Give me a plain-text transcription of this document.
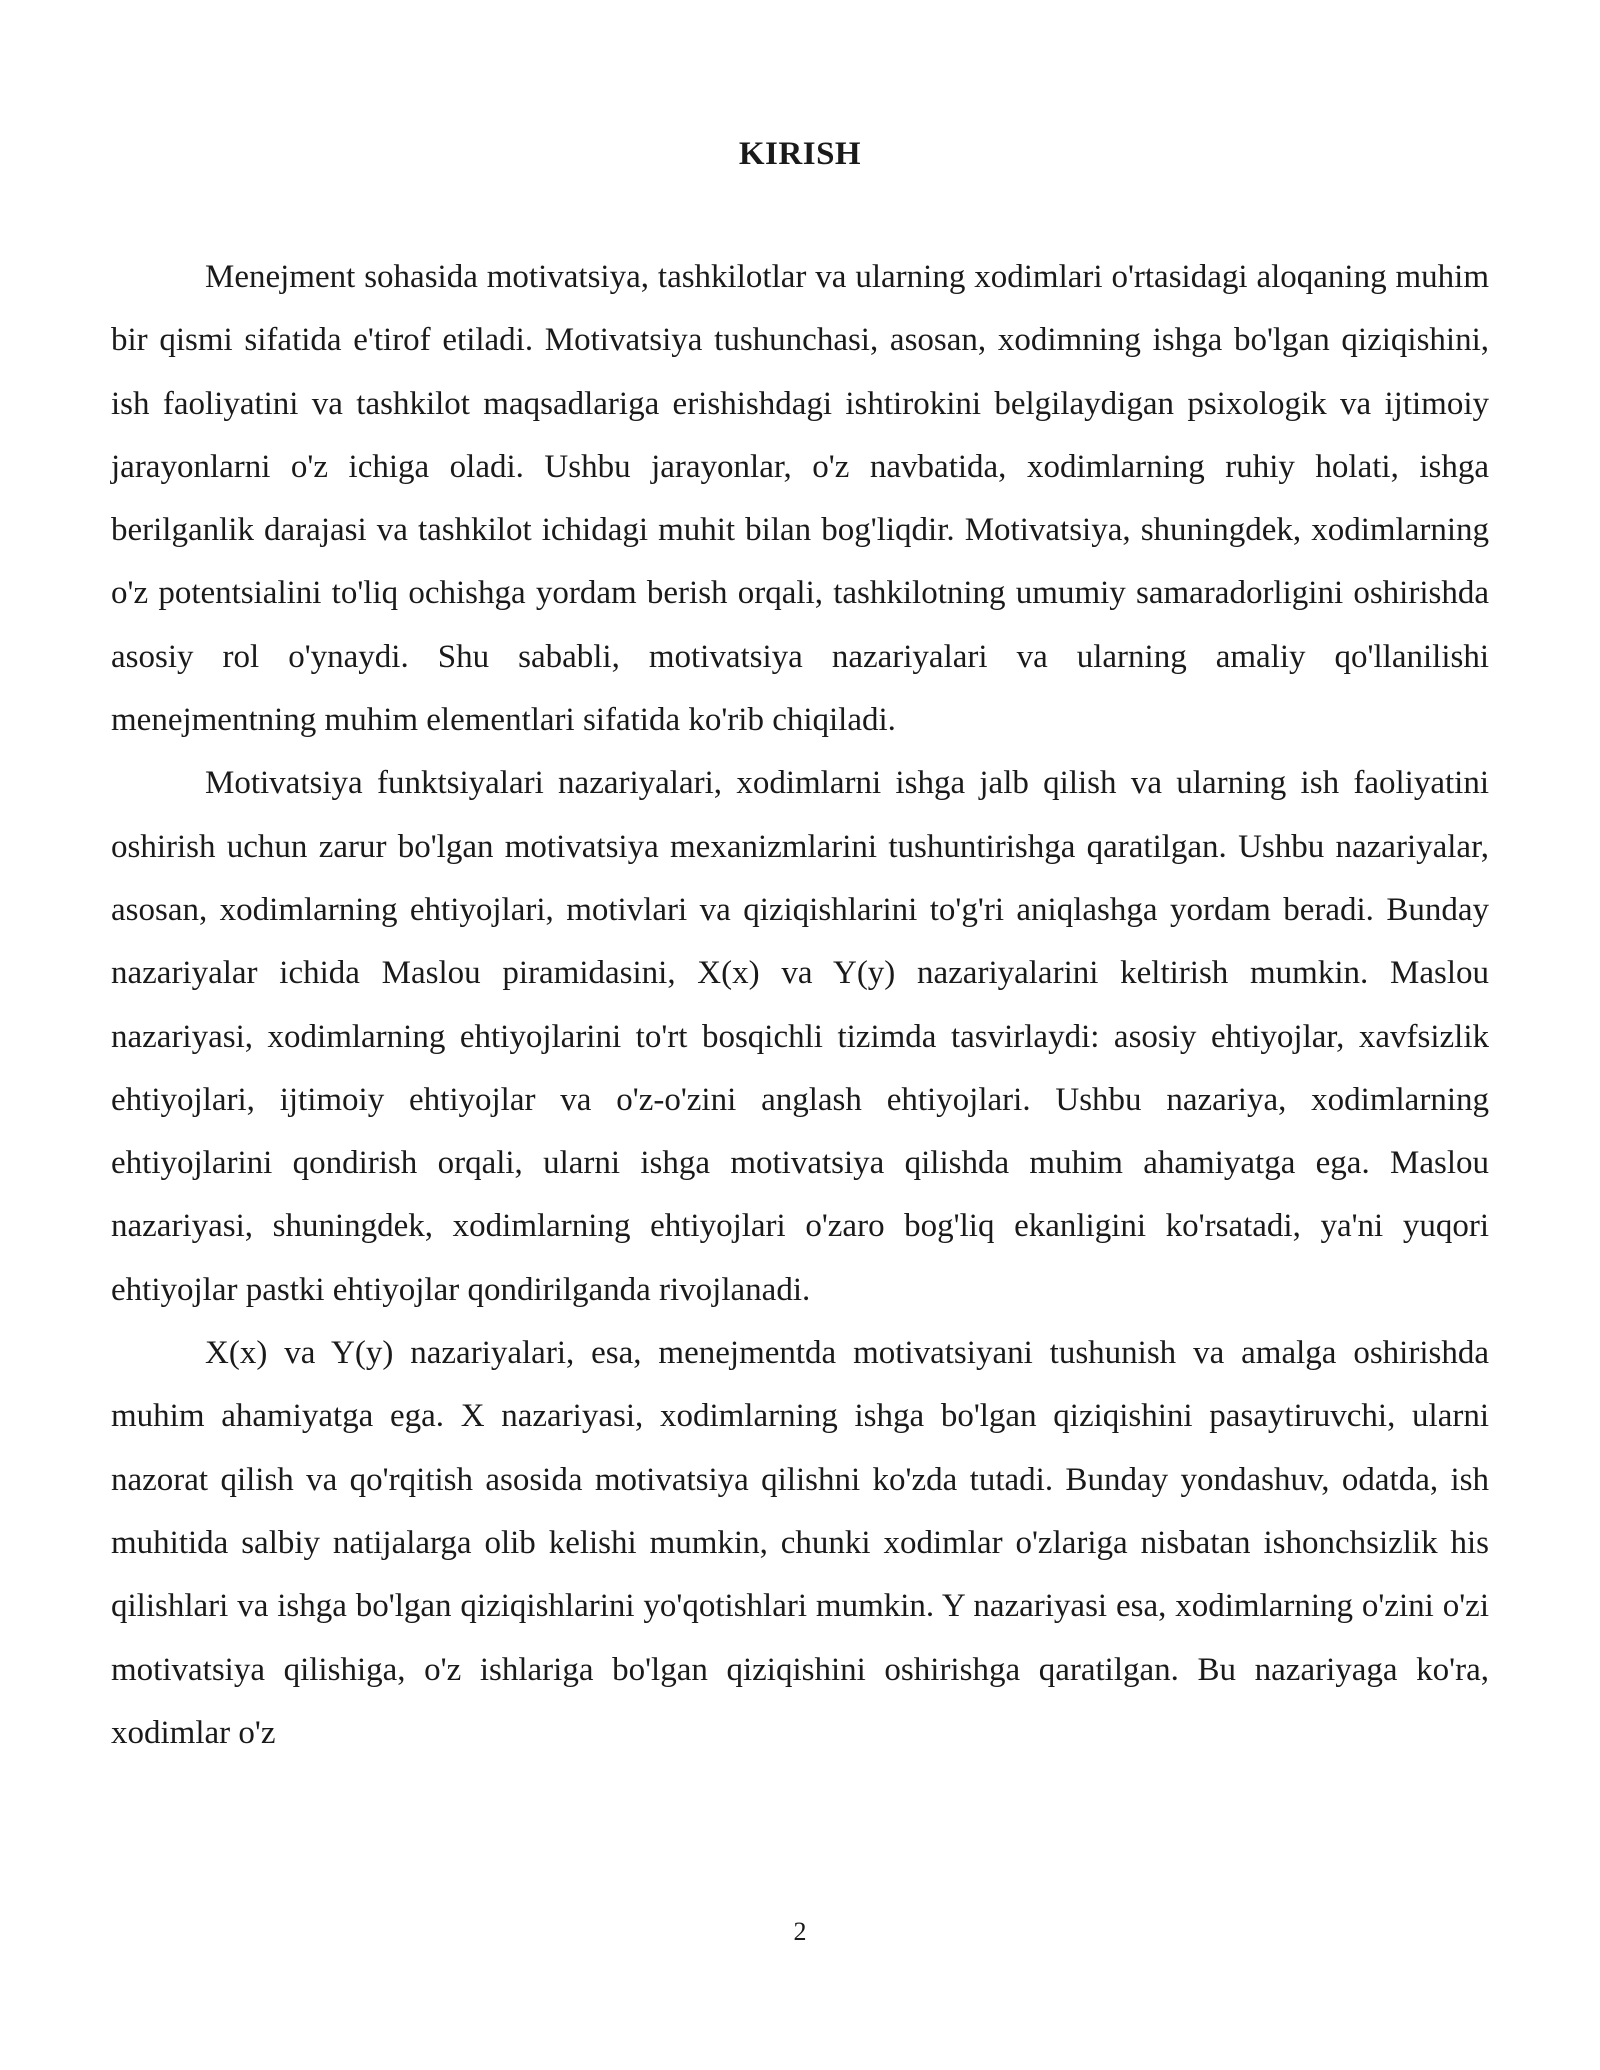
KIRISH

Menejment sohasida motivatsiya, tashkilotlar va ularning xodimlari o'rtasidagi aloqaning muhim bir qismi sifatida e'tirof etiladi. Motivatsiya tushunchasi, asosan, xodimning ishga bo'lgan qiziqishini, ish faoliyatini va tashkilot maqsadlariga erishishdagi ishtirokini belgilaydigan psixologik va ijtimoiy jarayonlarni o'z ichiga oladi. Ushbu jarayonlar, o'z navbatida, xodimlarning ruhiy holati, ishga berilganlik darajasi va tashkilot ichidagi muhit bilan bog'liqdir. Motivatsiya, shuningdek, xodimlarning o'z potentsialini to'liq ochishga yordam berish orqali, tashkilotning umumiy samaradorligini oshirishda asosiy rol o'ynaydi. Shu sababli, motivatsiya nazariyalari va ularning amaliy qo'llanilishi menejmentning muhim elementlari sifatida ko'rib chiqiladi.

Motivatsiya funktsiyalari nazariyalari, xodimlarni ishga jalb qilish va ularning ish faoliyatini oshirish uchun zarur bo'lgan motivatsiya mexanizmlarini tushuntirishga qaratilgan. Ushbu nazariyalar, asosan, xodimlarning ehtiyojlari, motivlari va qiziqishlarini to'g'ri aniqlashga yordam beradi. Bunday nazariyalar ichida Maslou piramidasini, X(x) va Y(y) nazariyalarini keltirish mumkin. Maslou nazariyasi, xodimlarning ehtiyojlarini to'rt bosqichli tizimda tasvirlaydi: asosiy ehtiyojlar, xavfsizlik ehtiyojlari, ijtimoiy ehtiyojlar va o'z-o'zini anglash ehtiyojlari. Ushbu nazariya, xodimlarning ehtiyojlarini qondirish orqali, ularni ishga motivatsiya qilishda muhim ahamiyatga ega. Maslou nazariyasi, shuningdek, xodimlarning ehtiyojlari o'zaro bog'liq ekanligini ko'rsatadi, ya'ni yuqori ehtiyojlar pastki ehtiyojlar qondirilganda rivojlanadi.

X(x) va Y(y) nazariyalari, esa, menejmentda motivatsiyani tushunish va amalga oshirishda muhim ahamiyatga ega. X nazariyasi, xodimlarning ishga bo'lgan qiziqishini pasaytiruvchi, ularni nazorat qilish va qo'rqitish asosida motivatsiya qilishni ko'zda tutadi. Bunday yondashuv, odatda, ish muhitida salbiy natijalarga olib kelishi mumkin, chunki xodimlar o'zlariga nisbatan ishonchsizlik his qilishlari va ishga bo'lgan qiziqishlarini yo'qotishlari mumkin. Y nazariyasi esa, xodimlarning o'zini o'zi motivatsiya qilishiga, o'z ishlariga bo'lgan qiziqishini oshirishga qaratilgan. Bu nazariyaga ko'ra, xodimlar o'z

2
